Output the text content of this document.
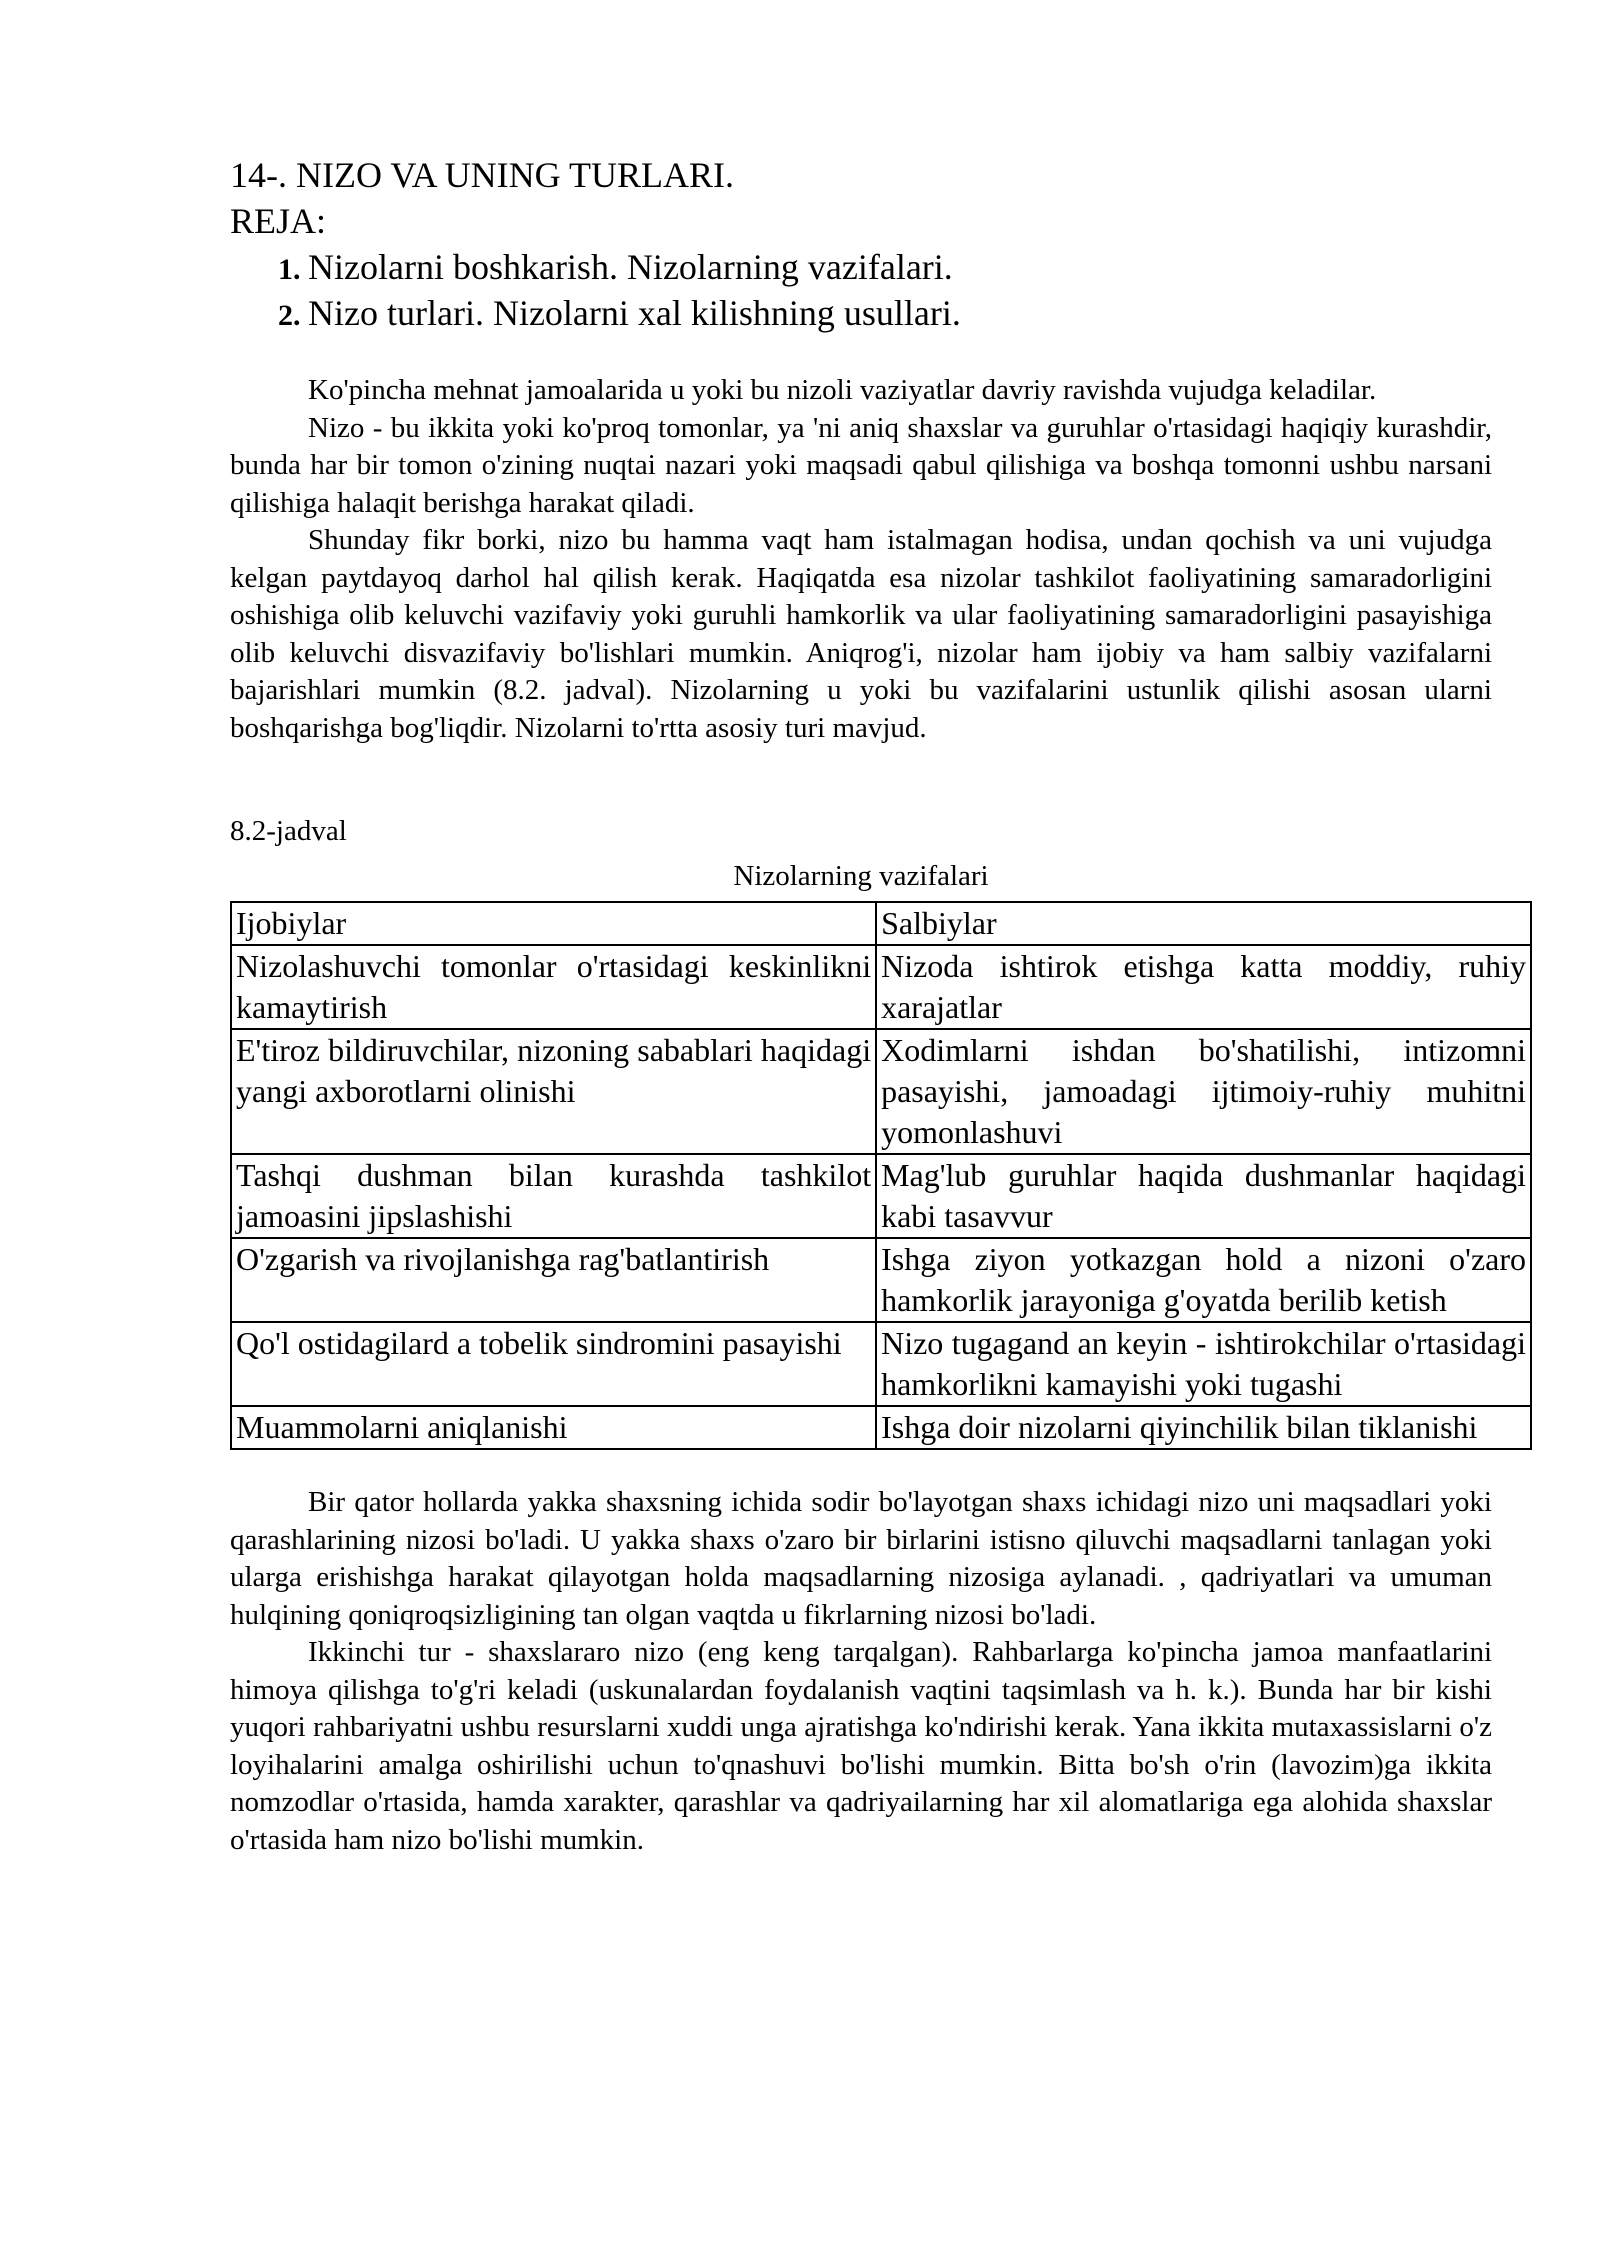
14-. NIZO VA UNING TURLARI.

REJA:

1. Nizolarni boshkarish. Nizolarning vazifalari.
2. Nizo turlari. Nizolarni xal kilishning usullari.

Ko'pincha mehnat jamoalarida u yoki bu nizoli vaziyatlar davriy ravishda vujudga keladilar.

Nizo - bu ikkita yoki ko'proq tomonlar, ya 'ni aniq shaxslar va guruhlar o'rtasidagi haqiqiy kurashdir, bunda har bir tomon o'zining nuqtai nazari yoki maqsadi qabul qilishiga va boshqa tomonni ushbu narsani qilishiga halaqit berishga harakat qiladi.

Shunday fikr borki, nizo bu hamma vaqt ham istalmagan hodisa, undan qochish va uni vujudga kelgan paytdayoq darhol hal qilish kerak. Haqiqatda esa nizolar tashkilot faoliyatining samaradorligini oshishiga olib keluvchi vazifaviy yoki guruhli hamkorlik va ular faoliyatining samaradorligini pasayishiga olib keluvchi disvazifaviy bo'lishlari mumkin. Aniqrog'i, nizolar ham ijobiy va ham salbiy vazifalarni bajarishlari mumkin (8.2. jadval). Nizolarning u yoki bu vazifalarini ustunlik qilishi asosan ularni boshqarishga bog'liqdir. Nizolarni to'rtta asosiy turi mavjud.

8.2-jadval

Nizolarning vazifalari

Ijobiylar	Salbiylar
Nizolashuvchi tomonlar o'rtasidagi keskinlikni kamaytirish	Nizoda ishtirok etishga katta moddiy, ruhiy xarajatlar
E'tiroz bildiruvchilar, nizoning sabablari haqidagi yangi axborotlarni olinishi	Xodimlarni ishdan bo'shatilishi, intizomni pasayishi, jamoadagi ijtimoiy-ruhiy muhitni yomonlashuvi
Tashqi dushman bilan kurashda tashkilot jamoasini jipslashishi	Mag'lub guruhlar haqida dushmanlar haqidagi kabi tasavvur
O'zgarish va rivojlanishga rag'batlantirish	Ishga ziyon yotkazgan hold a nizoni o'zaro hamkorlik jarayoniga g'oyatda berilib ketish
Qo'l ostidagilard a tobelik sindromini pasayishi	Nizo tugagand an keyin - ishtirokchilar o'rtasidagi hamkorlikni kamayishi yoki tugashi
Muammolarni aniqlanishi	Ishga doir nizolarni qiyinchilik bilan tiklanishi

Bir qator hollarda yakka shaxsning ichida sodir bo'layotgan shaxs ichidagi nizo uni maqsadlari yoki qarashlarining nizosi bo'ladi. U yakka shaxs o'zaro bir birlarini istisno qiluvchi maqsadlarni tanlagan yoki ularga erishishga harakat qilayotgan holda maqsadlarning nizosiga aylanadi. , qadriyatlari va umuman hulqining qoniqroqsizligining tan olgan vaqtda u fikrlarning nizosi bo'ladi.

Ikkinchi tur - shaxslararo nizo (eng keng tarqalgan). Rahbarlarga ko'pincha jamoa manfaatlarini himoya qilishga to'g'ri keladi (uskunalardan foydalanish vaqtini taqsimlash va h. k.). Bunda har bir kishi yuqori rahbariyatni ushbu resurslarni xuddi unga ajratishga ko'ndirishi kerak. Yana ikkita mutaxassislarni o'z loyihalarini amalga oshirilishi uchun to'qnashuvi bo'lishi mumkin. Bitta bo'sh o'rin (lavozim)ga ikkita nomzodlar o'rtasida, hamda xarakter, qarashlar va qadriyailarning har xil alomatlariga ega alohida shaxslar o'rtasida ham nizo bo'lishi mumkin.
